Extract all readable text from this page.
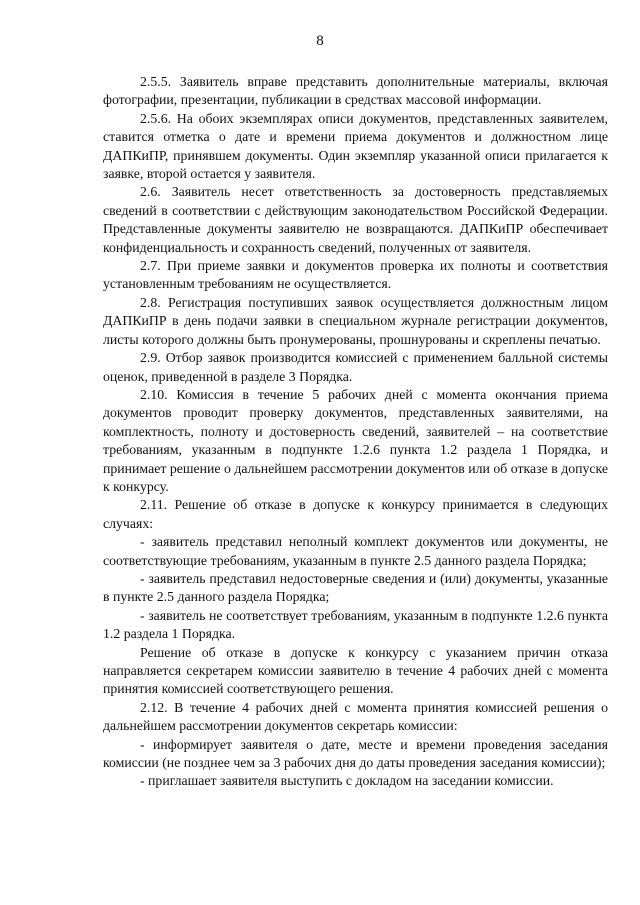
8

2.5.5. Заявитель вправе представить дополнительные материалы, включая фотографии, презентации, публикации в средствах массовой информации.

2.5.6. На обоих экземплярах описи документов, представленных заявителем, ставится отметка о дате и времени приема документов и должностном лице ДАПКиПР, принявшем документы. Один экземпляр указанной описи прилагается к заявке, второй остается у заявителя.

2.6. Заявитель несет ответственность за достоверность представляемых сведений в соответствии с действующим законодательством Российской Федерации. Представленные документы заявителю не возвращаются. ДАПКиПР обеспечивает конфиденциальность и сохранность сведений, полученных от заявителя.

2.7. При приеме заявки и документов проверка их полноты и соответствия установленным требованиям не осуществляется.

2.8. Регистрация поступивших заявок осуществляется должностным лицом ДАПКиПР в день подачи заявки в специальном журнале регистрации документов, листы которого должны быть пронумерованы, прошнурованы и скреплены печатью.

2.9. Отбор заявок производится комиссией с применением балльной системы оценок, приведенной в разделе 3 Порядка.

2.10. Комиссия в течение 5 рабочих дней с момента окончания приема документов проводит проверку документов, представленных заявителями, на комплектность, полноту и достоверность сведений, заявителей – на соответствие требованиям, указанным в подпункте 1.2.6 пункта 1.2 раздела 1 Порядка, и принимает решение о дальнейшем рассмотрении документов или об отказе в допуске к конкурсу.

2.11. Решение об отказе в допуске к конкурсу принимается в следующих случаях:

- заявитель представил неполный комплект документов или документы, не соответствующие требованиям, указанным в пункте 2.5 данного раздела Порядка;

- заявитель представил недостоверные сведения и (или) документы, указанные в пункте 2.5 данного раздела Порядка;

- заявитель не соответствует требованиям, указанным в подпункте 1.2.6 пункта 1.2 раздела 1 Порядка.

Решение об отказе в допуске к конкурсу с указанием причин отказа направляется секретарем комиссии заявителю в течение 4 рабочих дней с момента принятия комиссией соответствующего решения.

2.12. В течение 4 рабочих дней с момента принятия комиссией решения о дальнейшем рассмотрении документов секретарь комиссии:

- информирует заявителя о дате, месте и времени проведения заседания комиссии (не позднее чем за 3 рабочих дня до даты проведения заседания комиссии);

- приглашает заявителя выступить с докладом на заседании комиссии.
